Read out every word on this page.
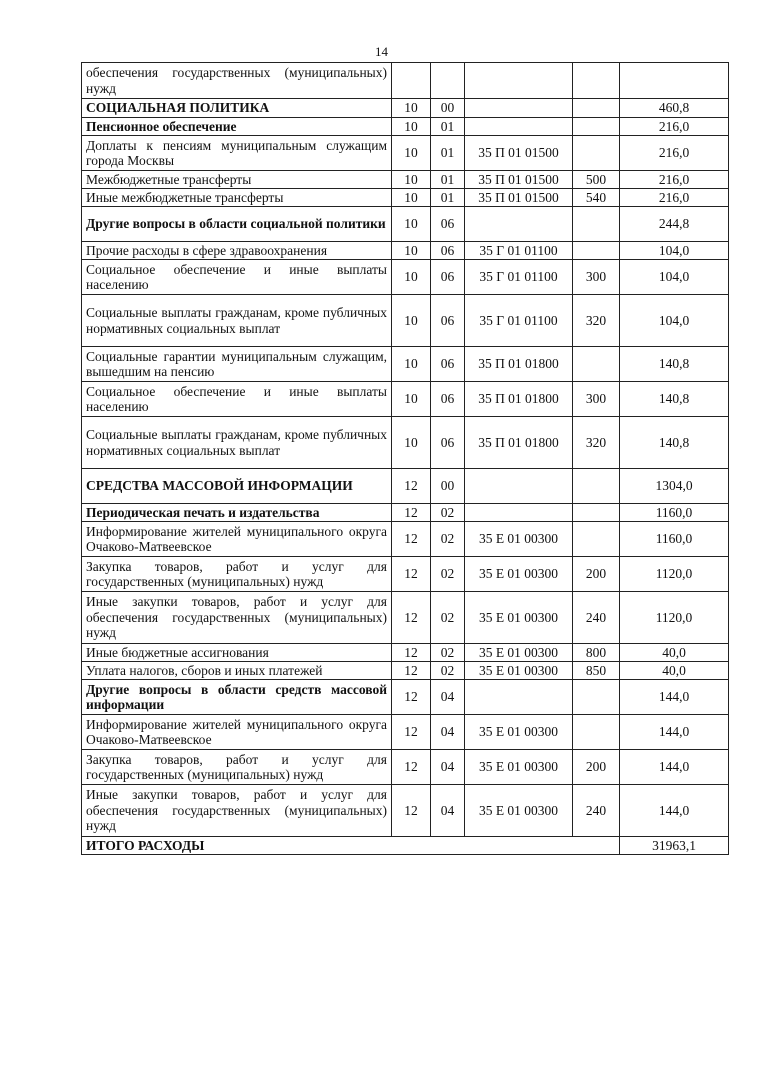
14
обеспечения государственных (муниципальных) нужд					
СОЦИАЛЬНАЯ ПОЛИТИКА	10	00			460,8
Пенсионное обеспечение	10	01			216,0
Доплаты к пенсиям муниципальным служащим города Москвы	10	01	35 П 01 01500		216,0
Межбюджетные трансферты	10	01	35 П 01 01500	500	216,0
Иные межбюджетные трансферты	10	01	35 П 01 01500	540	216,0
Другие вопросы в области социальной политики	10	06			244,8
Прочие расходы в сфере здравоохранения	10	06	35 Г 01 01100		104,0
Социальное обеспечение и иные выплаты населению	10	06	35 Г 01 01100	300	104,0
Социальные выплаты гражданам, кроме публичных нормативных социальных выплат	10	06	35 Г 01 01100	320	104,0
Социальные гарантии муниципальным служащим, вышедшим на пенсию	10	06	35 П 01 01800		140,8
Социальное обеспечение и иные выплаты населению	10	06	35 П 01 01800	300	140,8
Социальные выплаты гражданам, кроме публичных нормативных социальных выплат	10	06	35 П 01 01800	320	140,8
СРЕДСТВА МАССОВОЙ ИНФОРМАЦИИ	12	00			1304,0
Периодическая печать и издательства	12	02			1160,0
Информирование жителей муниципального округа Очаково-Матвеевское	12	02	35 Е 01 00300		1160,0
Закупка товаров, работ и услуг для государственных (муниципальных) нужд	12	02	35 Е 01 00300	200	1120,0
Иные закупки товаров, работ и услуг для обеспечения государственных (муниципальных) нужд	12	02	35 Е 01 00300	240	1120,0
Иные бюджетные ассигнования	12	02	35 Е 01 00300	800	40,0
Уплата налогов, сборов и иных платежей	12	02	35 Е 01 00300	850	40,0
Другие вопросы в области средств массовой информации	12	04			144,0
Информирование жителей муниципального округа Очаково-Матвеевское	12	04	35 Е 01 00300		144,0
Закупка товаров, работ и услуг для государственных (муниципальных) нужд	12	04	35 Е 01 00300	200	144,0
Иные закупки товаров, работ и услуг для обеспечения государственных (муниципальных) нужд	12	04	35 Е 01 00300	240	144,0
ИТОГО РАСХОДЫ					31963,1
